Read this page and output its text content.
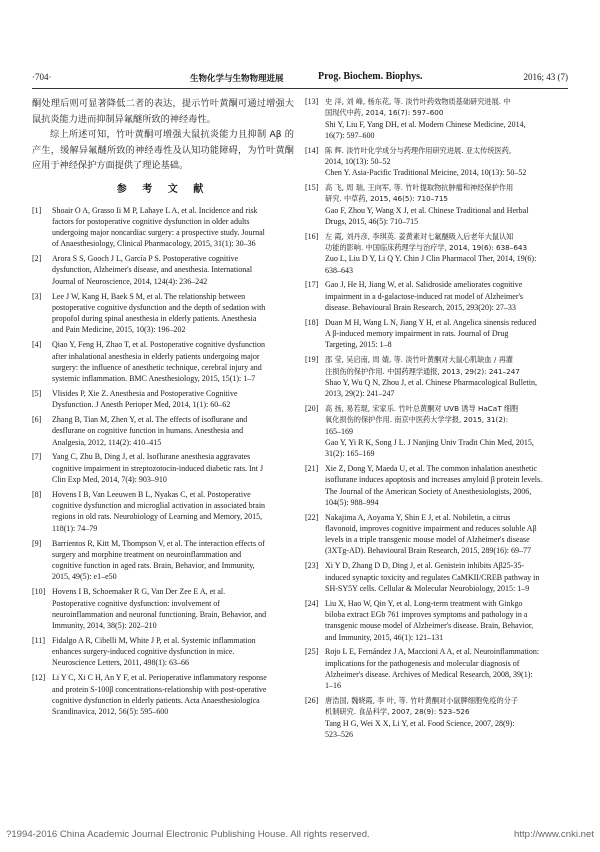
·704·	生物化学与生物物理进展	Prog. Biochem. Biophys.	2016; 43 (7)

酮处理后则可显著降低二者的表达，提示竹叶黄酮可通过增强大鼠抗炎能力进而抑制异氟醚所致的神经毒性。

综上所述可知，竹叶黄酮可增强大鼠抗炎能力且抑制 Aβ 的产生，缓解异氟醚所致的神经毒性及认知功能障碍，为竹叶黄酮应用于神经保护方面提供了理论基础。

参 考 文 献
[1] Shoair O A, Grasso Ii M P, Lahaye L A, et al. Incidence and risk
factors for postoperative cognitive dysfunction in older adults
undergoing major noncardiac surgery: a prospective study. Journal
of Anaesthesiology, Clinical Pharmacology, 2015, 31(1): 30–36
[2] Arora S S, Gooch J L, García P S. Postoperative cognitive
dysfunction, Alzheimer's disease, and anesthesia. International
Journal of Neuroscience, 2014, 124(4): 236–242
[3] Lee J W, Kang H, Baek S M, et al. The relationship between
postoperative cognitive dysfunction and the depth of sedation with
propofol during spinal anesthesia in elderly patients. Anesthesia
and Pain Medicine, 2015, 10(3): 196–202
[4] Qiao Y, Feng H, Zhao T, et al. Postoperative cognitive dysfunction
after inhalational anesthesia in elderly patients undergoing major
surgery: the influence of anesthetic technique, cerebral injury and
systemic inflammation. BMC Anesthesiology, 2015, 15(1): 1–7
[5] Vlisides P, Xie Z. Anesthesia and Postoperative Cognitive
Dysfunction. J Anesth Perioper Med, 2014, 1(1): 60–62
[6] Zhang B, Tian M, Zhen Y, et al. The effects of isoflurane and
desflurane on cognitive function in humans. Anesthesia and
Analgesia, 2012, 114(2): 410–415
[7] Yang C, Zhu B, Ding J, et al. Isoflurane anesthesia aggravates
cognitive impairment in streptozotocin-induced diabetic rats. Int J
Clin Exp Med, 2014, 7(4): 903–910
[8] Hovens I B, Van Leeuwen B L, Nyakas C, et al. Postoperative
cognitive dysfunction and microglial activation in associated brain
regions in old rats. Neurobiology of Learning and Memory, 2015,
118(1): 74–79
[9] Barrientos R, Kitt M, Thompson V, et al. The interaction effects of
surgery and morphine treatment on neuroinflammation and
cognitive function in aged rats. Brain, Behavior, and Immunity,
2015, 49(5): e1–e50
[10] Hovens I B, Schoemaker R G, Van Der Zee E A, et al.
Postoperative cognitive dysfunction: involvement of
neuroinflammation and neuronal functioning. Brain, Behavior, and
Immunity, 2014, 38(5): 202–210
[11] Fidalgo A R, Cibelli M, White J P, et al. Systemic inflammation
enhances surgery-induced cognitive dysfunction in mice.
Neuroscience Letters, 2011, 498(1): 63–66
[12] Li Y C, Xi C H, An Y F, et al. Perioperative inflammatory response
and protein S-100β concentrations-relationship with post-operative
cognitive dysfunction in elderly patients. Acta Anaesthesiologica
Scandinavica, 2012, 56(5): 595–600
[13] 史 洋, 刘 峰, 杨东花, 等. 淡竹叶药效物质基础研究进展. 中
国现代中药, 2014, 16(7): 597–600
Shi Y, Liu F, Yang DH, et al. Modern Chinese Medicine, 2014,
16(7): 597–600
[14] 陈 辉. 淡竹叶化学成分与药理作用研究进展. 亚太传统医药,
2014, 10(13): 50–52
Chen Y. Asia-Pacific Traditional Meicine, 2014, 10(13): 50–52
[15] 高 飞, 周 瑞, 王向军, 等. 竹叶提取物抗肿瘤和神经保护作用
研究. 中草药, 2015, 46(5): 710–715
Gao F, Zhou Y, Wang X J, et al. Chinese Traditional and Herbal
Drugs, 2015, 46(5): 710–715
[16] 左 霞, 刘丹彦, 李琪英. 姜黄素对七氟醚吸入后老年大鼠认知
功能的影响. 中国临床药理学与治疗学, 2014, 19(6): 638–643
Zuo L, Liu D Y, Li Q Y. Chin J Clin Pharmacol Ther, 2014, 19(6):
638–643
[17] Gao J, He H, Jiang W, et al. Salidroside ameliorates cognitive
impairment in a d-galactose-induced rat model of Alzheimer's
disease. Behavioural Brain Research, 2015, 293(20): 27–33
[18] Duan M H, Wang L N, Jiang Y H, et al. Angelica sinensis reduced
A β-induced memory impairment in rats. Journal of Drug
Targeting, 2015: 1–8
[19] 邵 莹, 吴启南, 周 婧, 等. 淡竹叶黄酮对大鼠心肌缺血 / 再灌
注损伤的保护作用. 中国药理学通报, 2013, 29(2): 241–247
Shao Y, Wu Q N, Zhou J, et al. Chinese Pharmacological Bulletin,
2013, 29(2): 241–247
[20] 高 扬, 易若琨, 宋家乐. 竹叶总黄酮对 UVB 诱导 HaCaT 细胞
氧化损伤的保护作用. 南京中医药大学学报, 2015, 31(2):
165–169
Gao Y, Yi R K, Song J L. J Nanjing Univ Tradit Chin Med, 2015,
31(2): 165–169
[21] Xie Z, Dong Y, Maeda U, et al. The common inhalation anesthetic
isoflurane induces apoptosis and increases amyloid β protein levels.
The Journal of the American Society of Anesthesiologists, 2006,
104(5): 988–994
[22] Nakajima A, Aoyama Y, Shin E J, et al. Nobiletin, a citrus
flavonoid, improves cognitive impairment and reduces soluble Aβ
levels in a triple transgenic mouse model of Alzheimer's disease
(3XTg-AD). Behavioural Brain Research, 2015, 289(16): 69–77
[23] Xi Y D, Zhang D D, Ding J, et al. Genistein inhibits Aβ25-35-
induced synaptic toxicity and regulates CaMKII/CREB pathway in
SH-SY5Y cells. Cellular & Molecular Neurobiology, 2015: 1–9
[24] Liu X, Hao W, Qin Y, et al. Long-term treatment with Ginkgo
biloba extract EGb 761 improves symptoms and pathology in a
transgenic mouse model of Alzheimer's disease. Brain, Behavior,
and Immunity, 2015, 46(1): 121–131
[25] Rojo L E, Fernández J A, Maccioni A A, et al. Neuroinflammation:
implications for the pathogenesis and molecular diagnosis of
Alzheimer's disease. Archives of Medical Research, 2008, 39(1):
1–16
[26] 唐浩国, 魏晓霞, 李 叶, 等. 竹叶黄酮对小鼠脾细胞免疫的分子
机制研究. 食品科学, 2007, 28(9): 523–526
Tang H G, Wei X X, Li Y, et al. Food Science, 2007, 28(9):
523–526
?1994-2016 China Academic Journal Electronic Publishing House. All rights reserved.	http://www.cnki.net
